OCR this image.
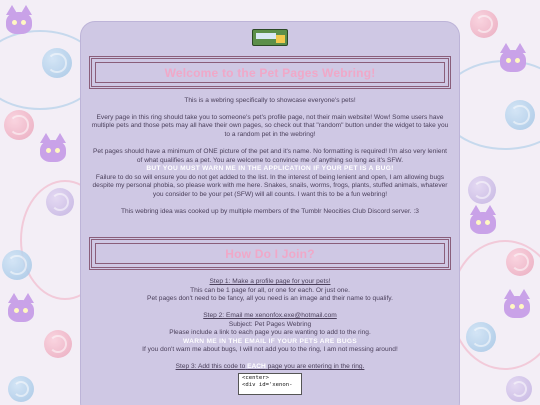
Welcome to the Pet Pages Webring!

This is a webring specifically to showcase everyone's pets!

Every page in this ring should take you to someone's pet's profile page, not their main website! Wow! Some users have multiple pets and those pets may all have their own pages, so check out that "random" button under the widget to take you to a random pet in the webring!

Pet pages should have a minimum of ONE picture of the pet and it's name. No formatting is required! I'm also very lenient of what qualifies as a pet. You are welcome to convince me of anything so long as it's SFW.
BUT YOU MUST WARN ME IN THE APPLICATION IF YOUR PET IS A BUG!
Failure to do so will ensure you do not get added to the list. In the interest of being lenient and open, I am allowing bugs despite my personal phobia, so please work with me here. Snakes, snails, worms, frogs, plants, stuffed animals, whatever you consider to be your pet (SFW) will all counts. I want this to be a fun webring!

This webring idea was cooked up by multiple members of the Tumblr Neocities Club Discord server. :3

How Do I Join?

Step 1: Make a profile page for your pets!
This can be 1 page for all, or one for each. Or just one.
Pet pages don't need to be fancy, all you need is an image and their name to qualify.

Step 2: Email me xenonfox.exe@hotmail.com
Subject: Pet Pages Webring
Please include a link to each page you are wanting to add to the ring.
WARN ME IN THE EMAIL IF YOUR PETS ARE BUGS
If you don't warn me about bugs, I will not add you to the ring, I am not messing around!

Step 3: Add this code to EACH page you are entering in the ring.
<center>
<div id='xenon-
